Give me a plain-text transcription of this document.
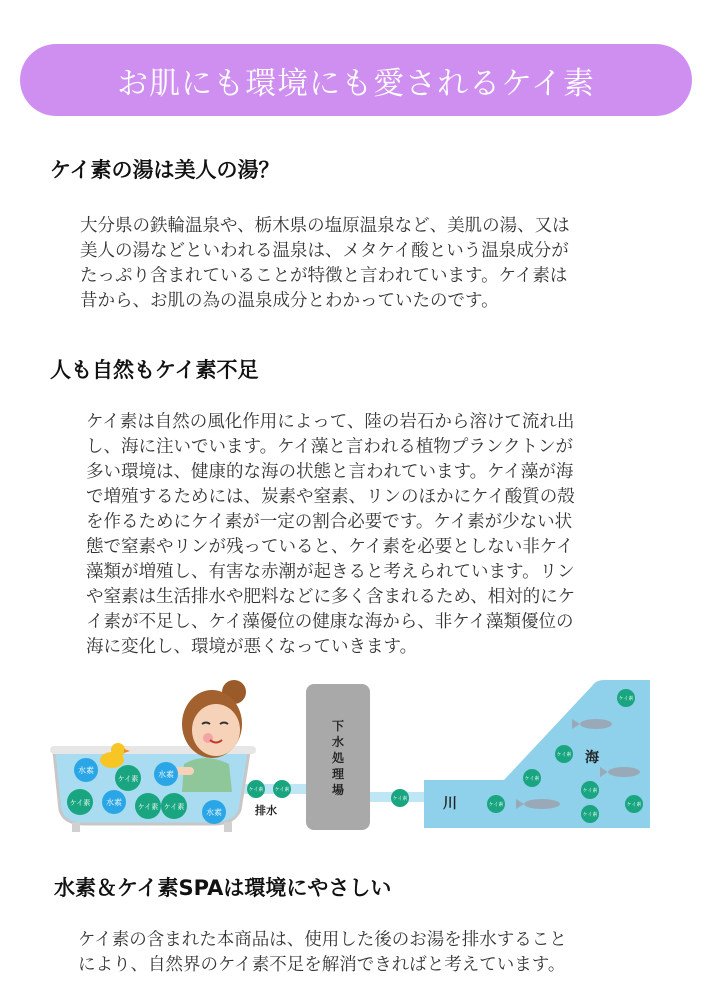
お肌にも環境にも愛されるケイ素
ケイ素の湯は美人の湯？
大分県の鉄輪温泉や、栃木県の塩原温泉など、美肌の湯、又は
美人の湯などといわれる温泉は、メタケイ酸という温泉成分が
たっぷり含まれていることが特徴と言われています。ケイ素は
昔から、お肌の為の温泉成分とわかっていたのです。
人も自然もケイ素不足
ケイ素は自然の風化作用によって、陸の岩石から溶けて流れ出
し、海に注いでいます。ケイ藻と言われる植物プランクトンが
多い環境は、健康的な海の状態と言われています。ケイ藻が海
で増殖するためには、炭素や窒素、リンのほかにケイ酸質の殻
を作るためにケイ素が一定の割合必要です。ケイ素が少ない状
態で窒素やリンが残っていると、ケイ素を必要としない非ケイ
藻類が増殖し、有害な赤潮が起きると考えられています。リン
や窒素は生活排水や肥料などに多く含まれるため、相対的にケ
イ素が不足し、ケイ藻優位の健康な海から、非ケイ藻類優位の
海に変化し、環境が悪くなっていきます。
水素
水素
水素
水素
ケイ素
ケイ素	ケイ素 ケイ素
ケイ素 ケイ素
排水
下
水
処
理
場
ケイ素	川
海
ケイ素
ケイ素
ケイ素
ケイ素
ケイ素
ケイ素
ケイ素
水素＆ケイ素SPAは環境にやさしい
ケイ素の含まれた本商品は、使用した後のお湯を排水すること
により、自然界のケイ素不足を解消できればと考えています。
